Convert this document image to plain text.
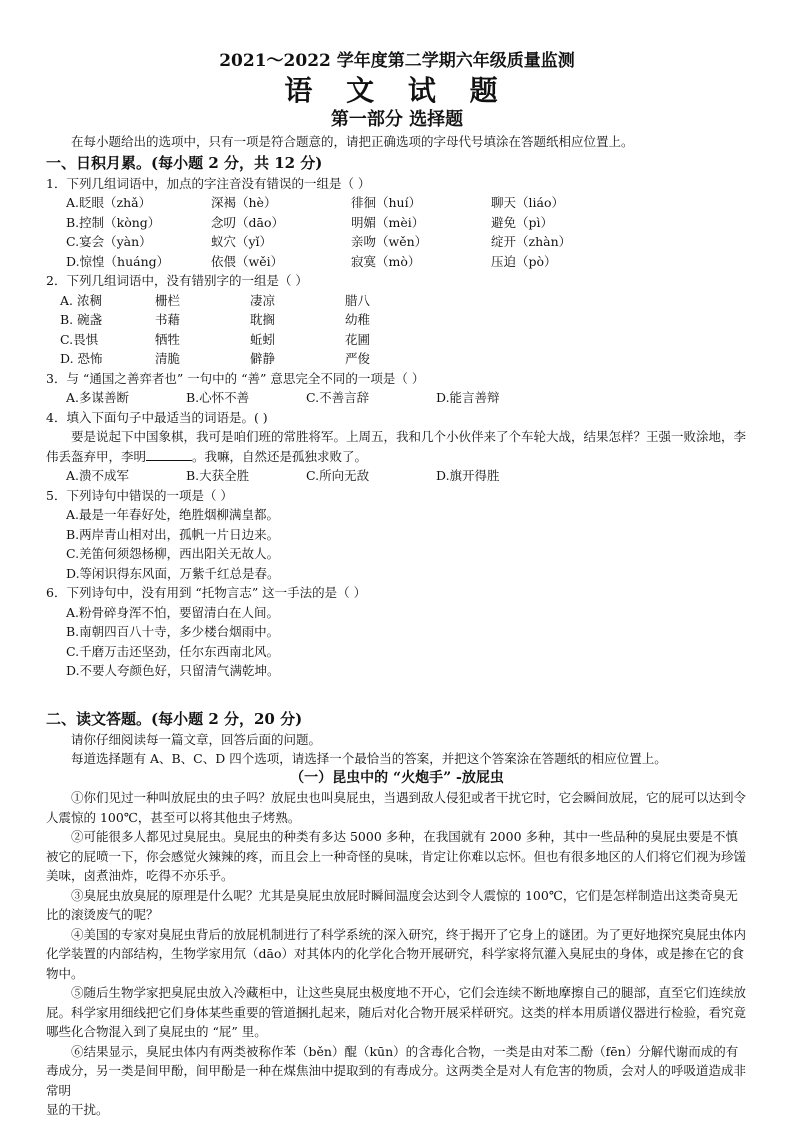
2021～2022 学年度第二学期六年级质量监测

语 文 试 题

第一部分 选择题

在每小题给出的选项中，只有一项是符合题意的，请把正确选项的字母代号填涂在答题纸相应位置上。

一、日积月累。(每小题 2 分，共 12 分)

1．下列几组词语中，加点的字注音没有错误的一组是（ ）

A.眨眼（zhǎ）	深褐（hè）	徘徊（huí）	聊天（liáo）
B.控制（kòng）	念叨（dāo）	明媚（mèi）	避免（pì）
C.宴会（yàn）	蚁穴（yǐ）	亲吻（wěn）	绽开（zhàn）
D.惊惶（huáng）	依偎（wěi）	寂寞（mò）	压迫（pò）

2．下列几组词语中，没有错别字的一组是（ ）

A. 浓稠	栅栏	凄凉	腊八
B. 碗盏	书藉	耽搁	幼稚
C.畏惧	牺牲	蚯蚓	花圃
D. 恐怖	清脆	僻静	严俊

3．与 “通国之善弈者也” 一句中的 “善” 意思完全不同的一项是（ ）

A.多谋善断	B.心怀不善	C.不善言辞	D.能言善辩

4．填入下面句子中最适当的词语是。( )

要是说起下中国象棋，我可是咱们班的常胜将军。上周五，我和几个小伙伴来了个车轮大战，结果怎样？王强一败涂地，李伟丢盔弃甲，李明	。我嘛，自然还是孤独求败了。

A.溃不成军	B.大获全胜	C.所向无敌	D.旗开得胜

5．下列诗句中错误的一项是（ ）

A.最是一年春好处，绝胜烟柳满皇都。

B.两岸青山相对出，孤帆一片日边来。

C.羌笛何须怨杨柳，西出阳关无故人。

D.等闲识得东风面，万紫千红总是春。

6．下列诗句中，没有用到 “托物言志” 这一手法的是（ ）

A.粉骨碎身浑不怕，要留清白在人间。

B.南朝四百八十寺，多少楼台烟雨中。

C.千磨万击还坚劲，任尔东西南北风。

D.不要人夸颜色好，只留清气满乾坤。

二、读文答题。(每小题 2 分，20 分)

请你仔细阅读每一篇文章，回答后面的问题。

每道选择题有 A、B、C、D 四个选项，请选择一个最恰当的答案，并把这个答案涂在答题纸的相应位置上。

（一）昆虫中的 “火炮手” -放屁虫

①你们见过一种叫放屁虫的虫子吗？放屁虫也叫臭屁虫，当遇到敌人侵犯或者干扰它时，它会瞬间放屁，它的屁可以达到令人震惊的 100℃，甚至可以将其他虫子烤熟。

②可能很多人都见过臭屁虫。臭屁虫的种类有多达 5000 多种，在我国就有 2000 多种，其中一些品种的臭屁虫要是不慎被它的屁喷一下，你会感觉火辣辣的疼，而且会上一种奇怪的臭味，肯定让你难以忘怀。但也有很多地区的人们将它们视为珍馐美味，卤煮油炸，吃得不亦乐乎。

③臭屁虫放臭屁的原理是什么呢？尤其是臭屁虫放屁时瞬间温度会达到令人震惊的 100℃，它们是怎样制造出这类奇臭无比的滚烫废气的呢？

④美国的专家对臭屁虫背后的放屁机制进行了科学系统的深入研究，终于揭开了它身上的谜团。为了更好地探究臭屁虫体内化学装置的内部结构，生物学家用氘（dāo）对其体内的化学化合物开展研究，科学家将氘灌入臭屁虫的身体，或是掺在它的食物中。

⑤随后生物学家把臭屁虫放入冷藏柜中，让这些臭屁虫极度地不开心，它们会连续不断地摩擦自己的腿部，直至它们连续放屁。科学家用细线把它们身体某些重要的管道捆扎起来，随后对化合物开展采样研究。这类的样本用质谱仪器进行检验，看究竟哪些化合物混入到了臭屁虫的 “屁” 里。

⑥结果显示，臭屁虫体内有两类被称作苯（běn）醌（kūn）的含毒化合物，一类是由对苯二酚（fēn）分解代谢而成的有毒成分，另一类是间甲酚，间甲酚是一种在煤焦油中提取到的有毒成分。这两类全是对人有危害的物质，会对人的呼吸道造成非常明

显的干扰。
